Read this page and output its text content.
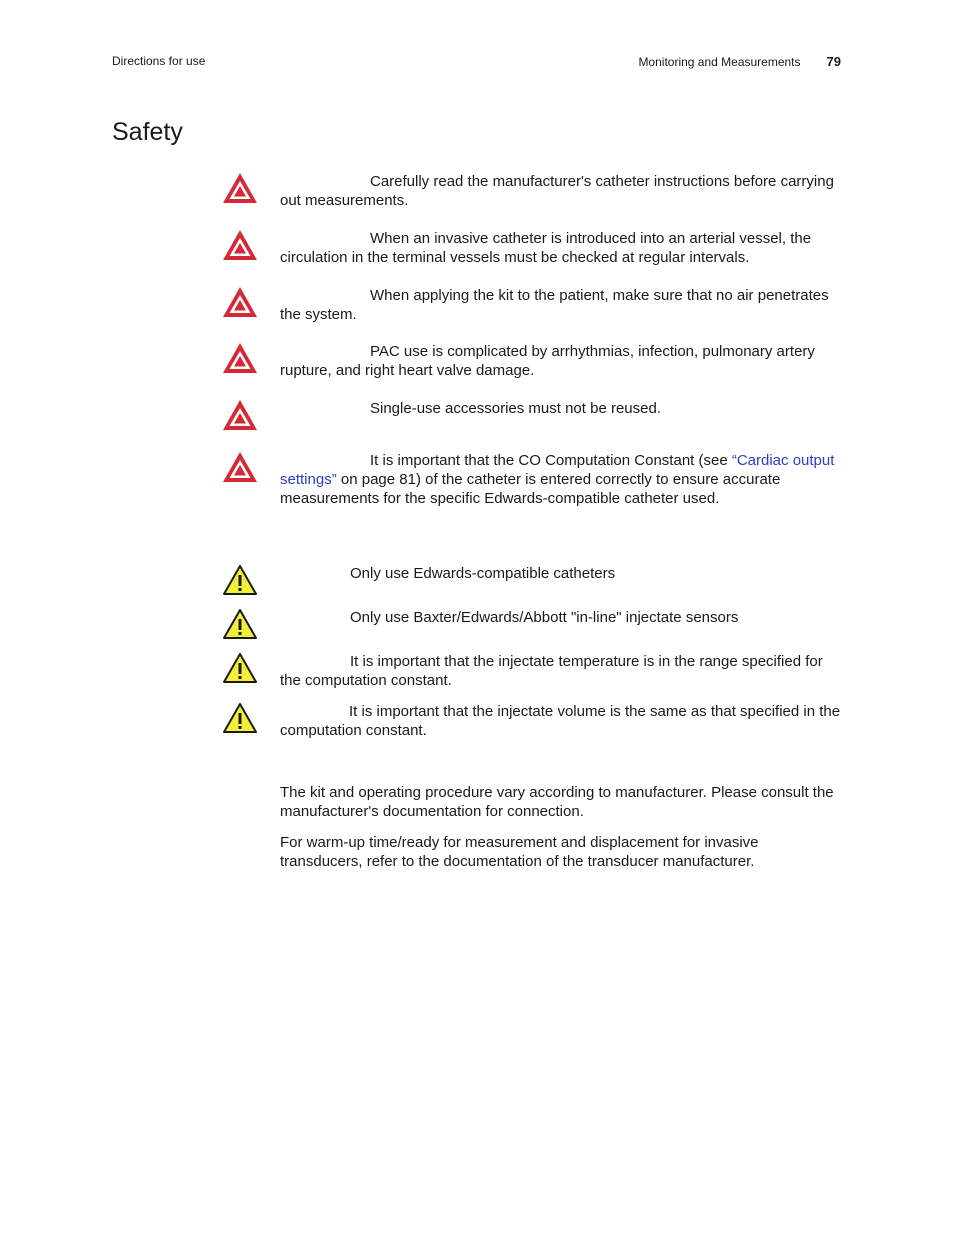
Directions for use	Monitoring and Measurements 79
Safety
Carefully read the manufacturer's catheter instructions before carrying out measurements.
When an invasive catheter is introduced into an arterial vessel, the circulation in the terminal vessels must be checked at regular intervals.
When applying the kit to the patient, make sure that no air penetrates the system.
PAC use is complicated by arrhythmias, infection, pulmonary artery rupture, and right heart valve damage.
Single-use accessories must not be reused.
It is important that the CO Computation Constant (see “Cardiac output settings” on page 81) of the catheter is entered correctly to ensure accurate measurements for the specific Edwards-compatible catheter used.
Only use Edwards-compatible catheters
Only use Baxter/Edwards/Abbott "in-line" injectate sensors
It is important that the injectate temperature is in the range specified for the computation constant.
It is important that the injectate volume is the same as that specified in the computation constant.

The kit and operating procedure vary according to manufacturer. Please consult the manufacturer's documentation for connection.

For warm-up time/ready for measurement and displacement for invasive transducers, refer to the documentation of the transducer manufacturer.
